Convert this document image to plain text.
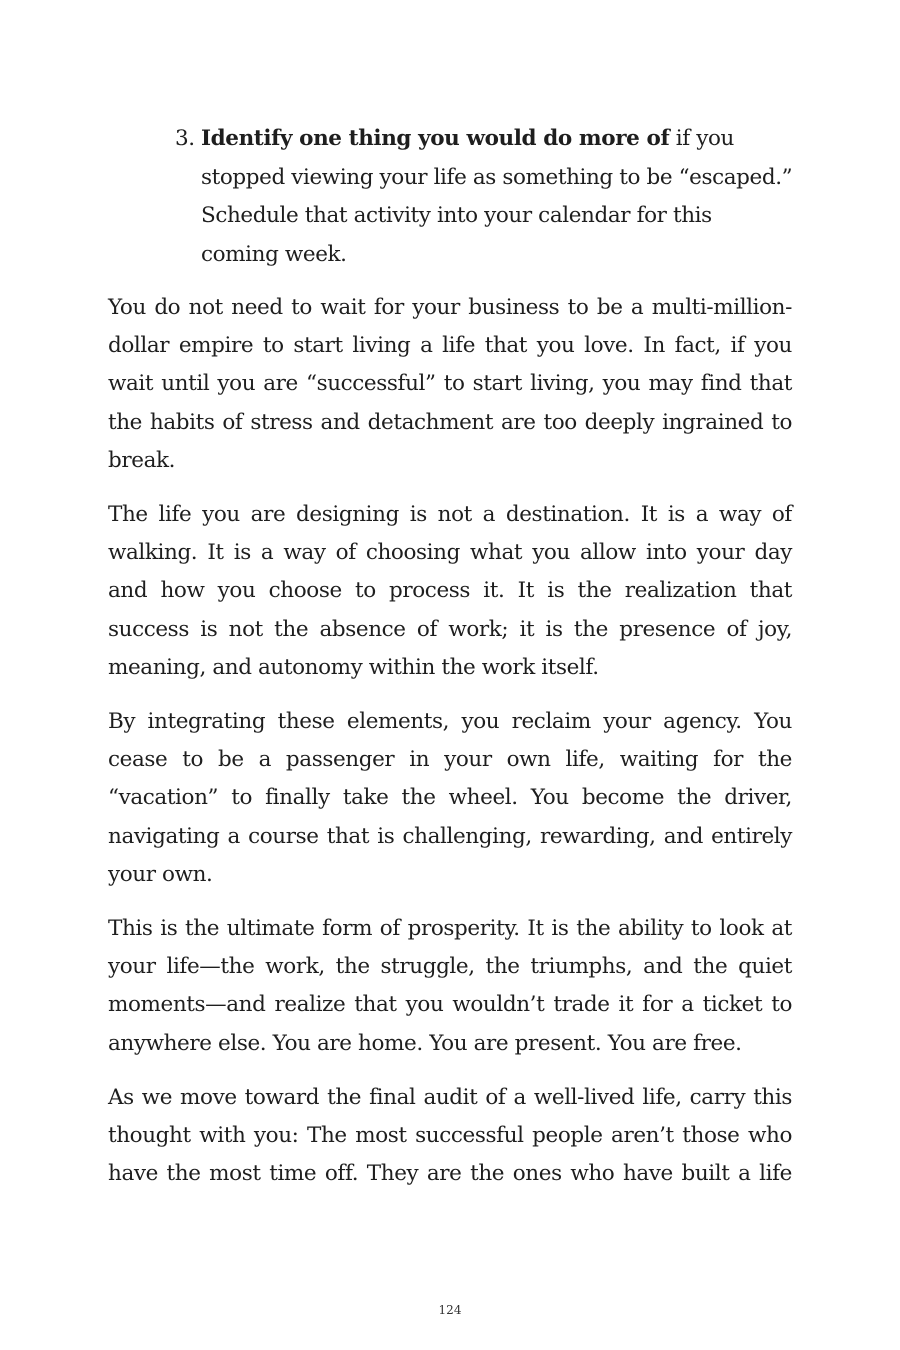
3. Identify one thing you would do more of if you stopped viewing your life as something to be “escaped.” Schedule that activity into your calendar for this coming week.

You do not need to wait for your business to be a multi-million-dollar empire to start living a life that you love. In fact, if you wait until you are “successful” to start living, you may find that the habits of stress and detachment are too deeply ingrained to break.

The life you are designing is not a destination. It is a way of walking. It is a way of choosing what you allow into your day and how you choose to process it. It is the realization that success is not the absence of work; it is the presence of joy, meaning, and autonomy within the work itself.

By integrating these elements, you reclaim your agency. You cease to be a passenger in your own life, waiting for the “vacation” to finally take the wheel. You become the driver, navigating a course that is challenging, rewarding, and entirely your own.

This is the ultimate form of prosperity. It is the ability to look at your life—the work, the struggle, the triumphs, and the quiet moments—and realize that you wouldn’t trade it for a ticket to anywhere else. You are home. You are present. You are free.

As we move toward the final audit of a well-lived life, carry this thought with you: The most successful people aren’t those who have the most time off. They are the ones who have built a life

124
